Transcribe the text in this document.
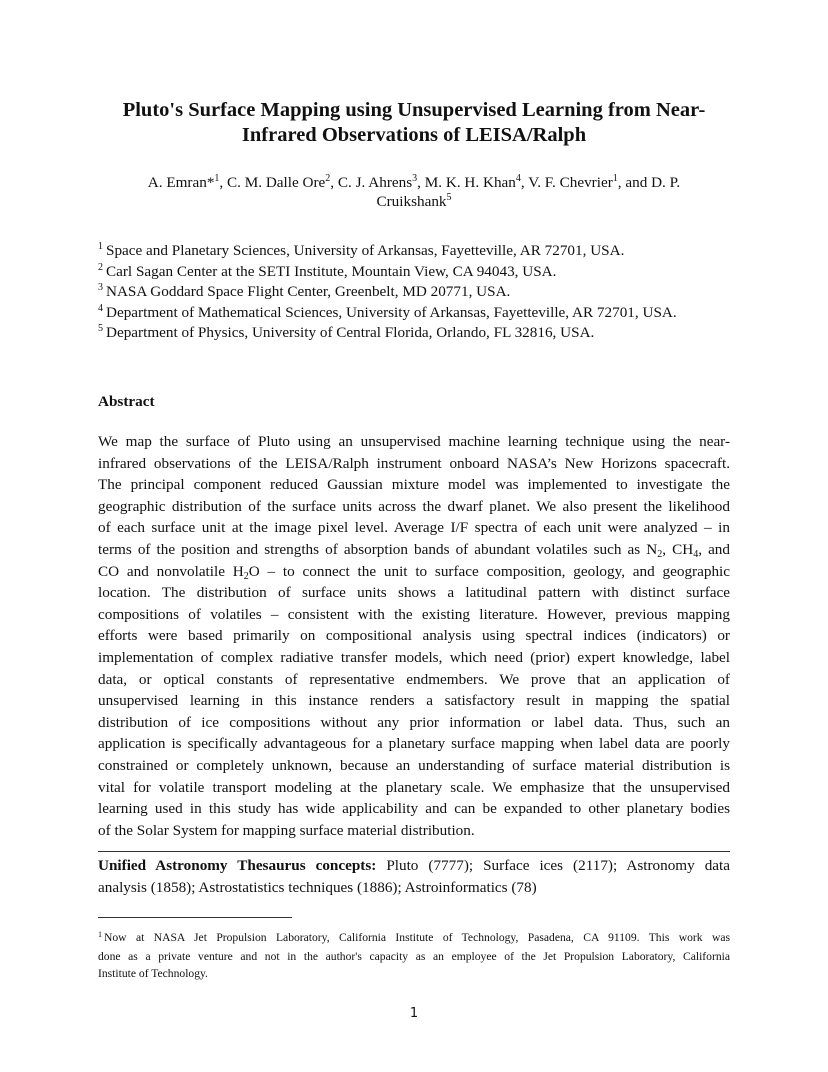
Pluto's Surface Mapping using Unsupervised Learning from Near-
Infrared Observations of LEISA/Ralph
A. Emran*$^1$, C. M. Dalle Ore$^2$, C. J. Ahrens$^3$, M. K. H. Khan$^4$, V. F. Chevrier$^1$, and D. P.
Cruikshank$^5$
$^1$ Space and Planetary Sciences, University of Arkansas, Fayetteville, AR 72701, USA.
$^2$ Carl Sagan Center at the SETI Institute, Mountain View, CA 94043, USA.
$^3$ NASA Goddard Space Flight Center, Greenbelt, MD 20771, USA.
$^4$ Department of Mathematical Sciences, University of Arkansas, Fayetteville, AR 72701, USA.
$^5$ Department of Physics, University of Central Florida, Orlando, FL 32816, USA.
Abstract
We map the surface of Pluto using an unsupervised machine learning technique using the near-
infrared observations of the LEISA/Ralph instrument onboard NASA’s New Horizons spacecraft.
The principal component reduced Gaussian mixture model was implemented to investigate the
geographic distribution of the surface units across the dwarf planet. We also present the likelihood
of each surface unit at the image pixel level. Average I/F spectra of each unit were analyzed – in
terms of the position and strengths of absorption bands of abundant volatiles such as $N_2$, $CH_4$, and
CO and nonvolatile $H_2O$ – to connect the unit to surface composition, geology, and geographic
location. The distribution of surface units shows a latitudinal pattern with distinct surface
compositions of volatiles – consistent with the existing literature. However, previous mapping
efforts were based primarily on compositional analysis using spectral indices (indicators) or
implementation of complex radiative transfer models, which need (prior) expert knowledge, label
data, or optical constants of representative endmembers. We prove that an application of
unsupervised learning in this instance renders a satisfactory result in mapping the spatial
distribution of ice compositions without any prior information or label data. Thus, such an
application is specifically advantageous for a planetary surface mapping when label data are poorly
constrained or completely unknown, because an understanding of surface material distribution is
vital for volatile transport modeling at the planetary scale. We emphasize that the unsupervised
learning used in this study has wide applicability and can be expanded to other planetary bodies
of the Solar System for mapping surface material distribution.
Unified Astronomy Thesaurus concepts: Pluto (7777); Surface ices (2117); Astronomy data
analysis (1858); Astrostatistics techniques (1886); Astroinformatics (78)
$^1$ Now at NASA Jet Propulsion Laboratory, California Institute of Technology, Pasadena, CA 91109. This work was
done as a private venture and not in the author's capacity as an employee of the Jet Propulsion Laboratory, California
Institute of Technology.
1
